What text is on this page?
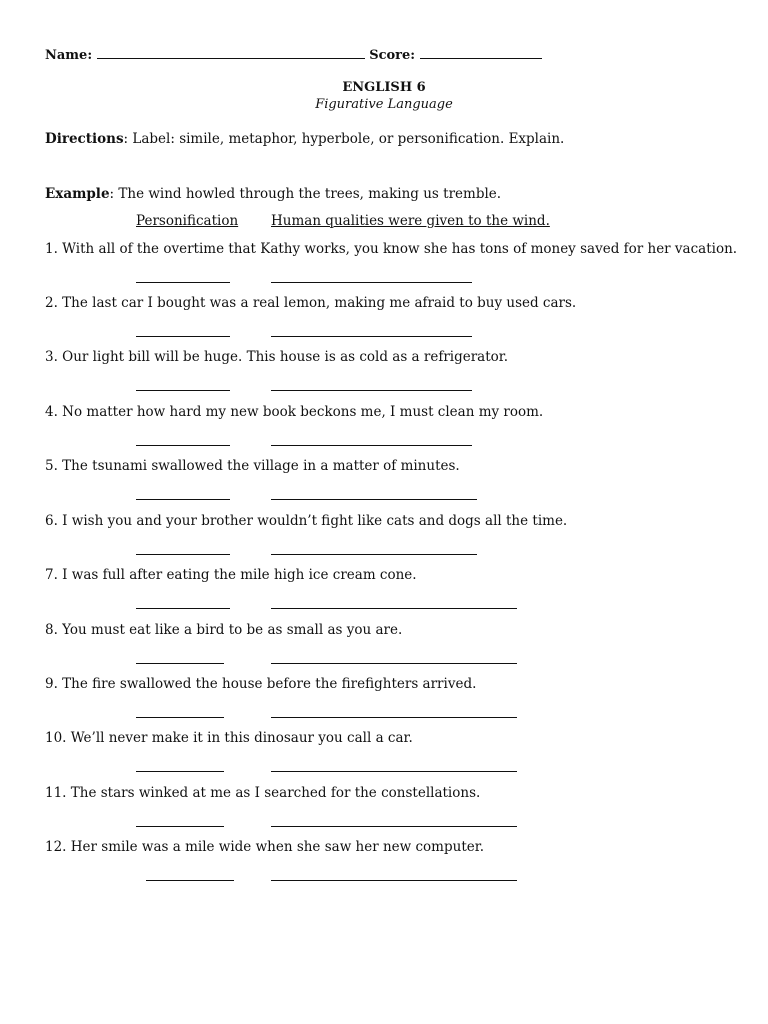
Name:	Score:
ENGLISH 6
Figurative Language
Directions: Label: simile, metaphor, hyperbole, or personification. Explain.
Example: The wind howled through the trees, making us tremble.
Personification Human qualities were given to the wind.
1. With all of the overtime that Kathy works, you know she has tons of money saved for her vacation.
2. The last car I bought was a real lemon, making me afraid to buy used cars.
3. Our light bill will be huge. This house is as cold as a refrigerator.
4. No matter how hard my new book beckons me, I must clean my room.
5. The tsunami swallowed the village in a matter of minutes.
6. I wish you and your brother wouldn’t fight like cats and dogs all the time.
7. I was full after eating the mile high ice cream cone.
8. You must eat like a bird to be as small as you are.
9. The fire swallowed the house before the firefighters arrived.
10. We’ll never make it in this dinosaur you call a car.
11. The stars winked at me as I searched for the constellations.
12. Her smile was a mile wide when she saw her new computer.
